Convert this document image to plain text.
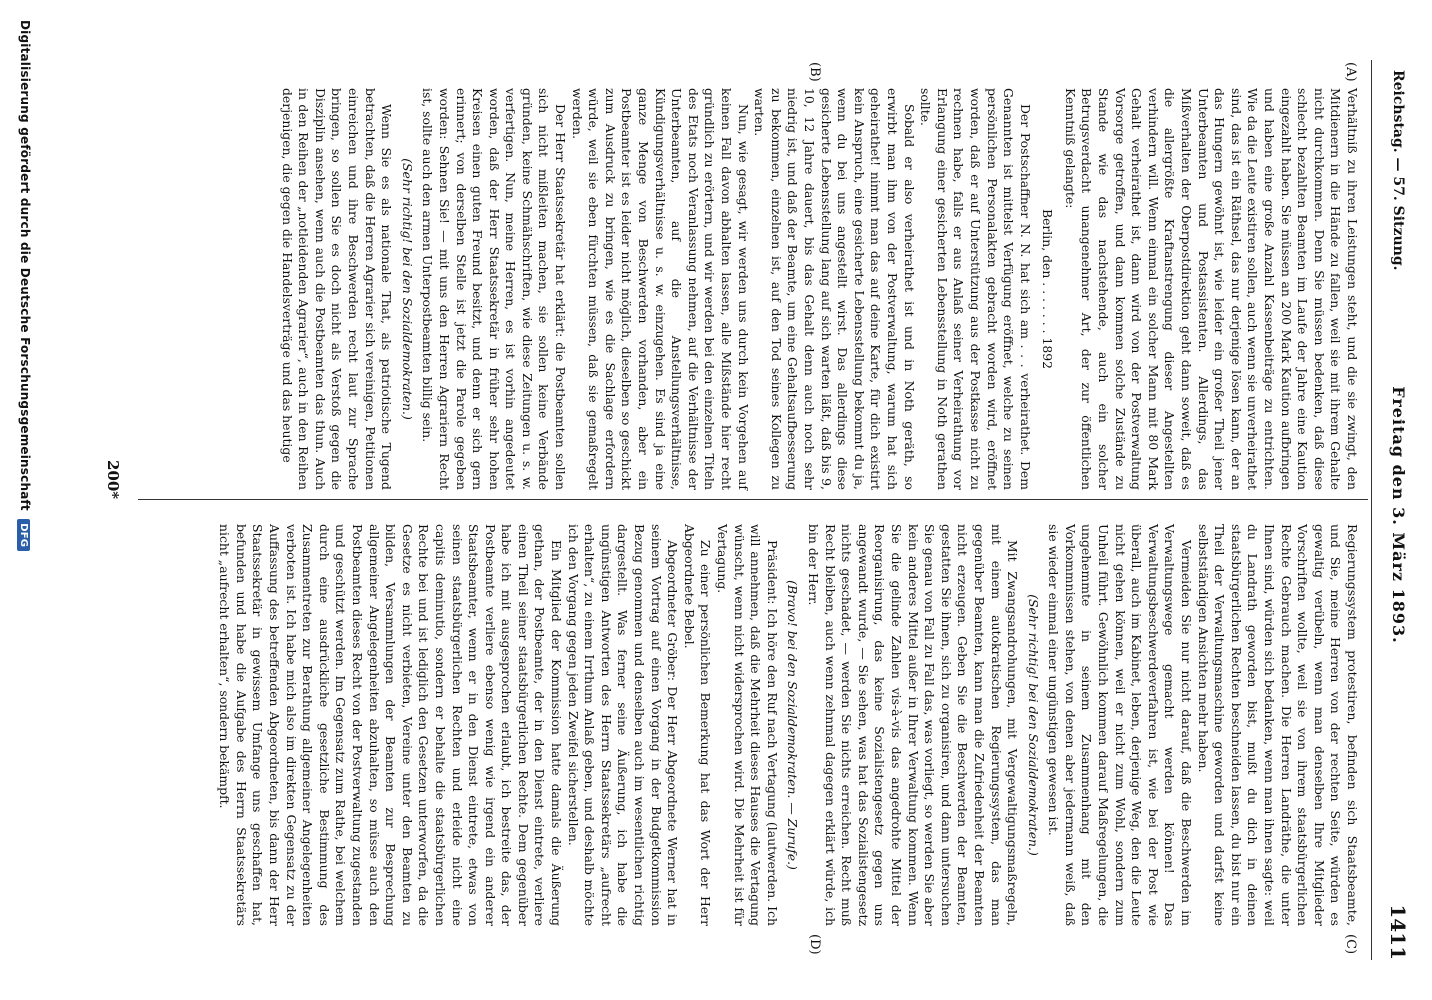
Reichstag. — 57. Sitzung.
Freitag den 3. März 1893.
1411
(A)
(B)
(C)
(D)

Verhältniß zu ihren Leistungen steht, und die sie zwingt, den Mitdienern in die Hände zu fallen, weil sie mit ihrem Gehalte nicht durchkommen. Denn Sie müssen bedenken, daß diese schlecht bezahlten Beamten im Laufe der Jahre eine Kaution eingezahlt haben. Sie müssen an 200 Mark Kaution aufbringen und haben eine große Anzahl Kassenbeiträge zu entrichten. Wie da die Leute existiren sollen, auch wenn sie unverheirathet sind, das ist ein Räthsel, das nur derjenige lösen kann, der an das Hungern gewöhnt ist, wie leider ein großer Theil jener Unterbeamten und Postassistenten. Allerdings, das Mißverhalten der Oberpostdirektion geht dann soweit, daß es die allergrößte Kraftanstrengung dieser Angestellten verhindern will. Wenn einmal ein solcher Mann mit 80 Mark Gehalt verheirathet ist, dann wird von der Postverwaltung Vorsorge getroffen, und dann kommen solche Zustände zu Stande wie das nachstehende, auch ein solcher Betrugsverdacht unangenehmer Art, der zur öffentlichen Kenntniß gelangte:

Berlin, den . . . . . . . 1892

Der Postschaffner N. N. hat sich am . . . verheirathet. Dem Genannten ist mittelst Verfügung eröffnet, welche zu seinen persönlichen Personalakten gebracht worden wird, eröffnet worden, daß er auf Unterstützung aus der Postkasse nicht zu rechnen habe, falls er aus Anlaß seiner Verheirathung vor Erlangung einer gesicherten Lebensstellung in Noth gerathen sollte.

Sobald er also verheirathet ist und in Noth geräth, so erwirbt man ihm von der Postverwaltung, warum hat sich geheirathet! nimmt man das auf deine Karte, für dich existirt kein Anspruch, eine gesicherte Lebensstellung bekommt du ja, wenn du bei uns angestellt wirst. Das allerdings diese gesicherte Lebensstellung lang auf sich warten läßt, daß bis 9, 10, 12 Jahre dauert, bis das Gehalt denn auch noch sehr niedrig ist, und daß der Beamte, um eine Gehaltsaufbesserung zu bekommen, einzelnen ist, auf den Tod seines Kollegen zu warten.

Nun, wie gesagt, wir werden uns durch kein Vorgehen auf keinen Fall davon abhalten lassen, alle Mißstände hier recht gründlich zu erörtern, und wir werden bei den einzelnen Titeln des Etats noch Veranlassung nehmen, auf die Verhältnisse der Unterbeamten, auf die Anstellungsverhältnisse, Kündigungsverhältnisse u. s. w. einzugehen. Es sind ja eine ganze Menge von Beschwerden vorhanden, aber ein Postbeamter ist es leider nicht möglich, dieselben so geschickt zum Ausdruck zu bringen, wie es die Sachlage erfordern würde, weil sie eben fürchten müssen, daß sie gemaßregelt werden.

Der Herr Staatssekretär hat erklärt: die Postbeamten sollen sich nicht mißleiten machen, sie sollen keine Verbände gründen, keine Schmähschriften, wie diese Zeitungen u. s. w. verfertigen. Nun, meine Herren, es ist vorhin angedeutet worden, daß der Herr Staatssekretär in früher sehr hohen Kreisen einen guten Freund besitzt, und denn er sich gern erinnert; von derselben Stelle ist jetzt die Parole gegeben worden: Sehnen Sie! — mit uns den Herren Agrariern Recht ist, sollte auch den armen Unterpostbeamten billig sein.

(Sehr richtig! bei den Sozialdemokraten.)

Wenn Sie es als nationale That, als patriotische Tugend betrachten, daß die Herren Agrarier sich vereinigen, Petitionen einreichen und ihre Beschwerden recht laut zur Sprache bringen, so sollen Sie es doch nicht als Verstoß gegen die Disziplin ansehen, wenn auch die Postbeamten das thun. Auch in den Reihen der „notleidenden Agrarier“, auch in den Reihen derjenigen, die gegen die Handelsverträge und das heutige

Regierungssystem protestiren, befinden sich Staatsbeamte, und Sie, meine Herren von der rechten Seite, würden es gewaltig verübeln, wenn man denselben Ihre Mitglieder Vorschriften wollte, weil sie von ihrem staatsbürgerlichen Rechte Gebrauch machen. Die Herren Landräthe, die unter Ihnen sind, würden sich bedanken, wenn man ihnen sagte: weil du Landrath geworden bist, mußt du dich in deinen staatsbürgerlichen Rechten beschneiden lassen, du bist nur ein Theil der Verwaltungsmaschine geworden und darfst keine selbstständigen Ansichten mehr haben.

Vermeiden Sie nur nicht darauf, daß die Beschwerden im Verwaltungswege gemacht werden können! Das Verwaltungsbeschwerdeverfahren ist, wie bei der Post wie überall, auch im Kabinet, leben, derjenige Weg, den die Leute nicht gehen können, weil er nicht zum Wohl, sondern zum Unheil führt. Gewöhnlich kommen darauf Maßregelungen, die ungehemmte in seinem Zusammenhang mit den Vorkommnissen stehen, von denen aber jedermann weiß, daß sie wieder einmal einer ungünstigen gewesen ist.

(Sehr richtig! bei den Sozialdemokraten.)

Mit Zwangsandrohungen, mit Vergewaltigungsmaßregeln, mit einem autokratischen Regierungssystem, das man gegenüber Beamten, kann man die Zufriedenheit der Beamten nicht erzeugen. Geben Sie die Beschwerden der Beamten, gestatten Sie ihnen, sich zu organisiren, und dann untersuchen Sie genau von Fall zu Fall das, was vorliegt, so werden Sie aber kein anderes Mittel außer in Ihrer Verwaltung kommen. Wenn Sie die gelinde Zahlen vis-à-vis das angedrohte Mittel der Reorganisirung, das keine Sozialistengesetz gegen uns angewandt wurde, — Sie sehen, was hat das Sozialistengesetz nichts geschadet, — werden Sie nichts erreichen. Recht muß Recht bleiben, auch wenn zehnmal dagegen erklärt würde, ich bin der Herr.

(Bravo! bei den Sozialdemokraten. — Zurufe.)

Präsident: Ich höre den Ruf nach Vertagung (lautwerden. Ich will annehmen, daß die Mehrheit dieses Hauses die Vertagung wünscht, wenn nicht widersprochen wird. Die Mehrheit ist für Vertagung.

Zu einer persönlichen Bemerkung hat das Wort der Herr Abgeordnete Bebel.

Abgeordneter Gröber: Der Herr Abgeordnete Werner hat in seinem Vortrag auf einen Vorgang in der Budgetkommission Bezug genommen und denselben auch im wesentlichen richtig dargestellt. Was ferner seine Äußerung, ich habe die ungünstigen Antworten des Herrn Staatssekretärs „aufrecht erhalten“, zu einem Irrthum Anlaß geben, und deshalb möchte ich den Vorgang gegen jeden Zweifel sicherstellen.

Ein Mitglied der Kommission hatte damals die Äußerung gethan, der Postbeamte, der in den Dienst eintrete, verliere einen Theil seiner staatsbürgerlichen Rechte. Dem gegenüber habe ich mit ausgesprochen erlaubt, ich bestreite das, der Postbeamte verliere ebenso wenig wie irgend ein anderer Staatsbeamter, wenn er in den Dienst eintrete, etwas von seinen staatsbürgerlichen Rechten und erleide nicht eine capitis deminutio, sondern er behalte die staatsbürgerlichen Rechte bei und ist lediglich den Gesetzen unterworfen, da die Gesetze es nicht verbieten, Vereine unter den Beamten zu bilden, Versammlungen der Beamten zur Besprechung allgemeiner Angelegenheiten abzuhalten, so müsse auch den Postbeamten dieses Recht von der Postverwaltung zugestanden und geschützt werden. Im Gegensatz zum Rathe, bei welchem durch eine ausdrückliche gesetzliche Bestimmung des Zusammentreten zur Berathung allgemeiner Angelegenheiten verboten ist. Ich habe mich also im direkten Gegensatz zu der Auffassung des betreffenden Abgeordneten, bis dann der Herr Staatssekretär in gewissem Umfange uns geschaffen hat, befunden und habe die Aufgabe des Herrn Staatssekretärs nicht „aufrecht erhalten“, sondern bekämpft.

200*
Digitalisierung gefördert durch die Deutsche Forschungsgemeinschaft DFG
